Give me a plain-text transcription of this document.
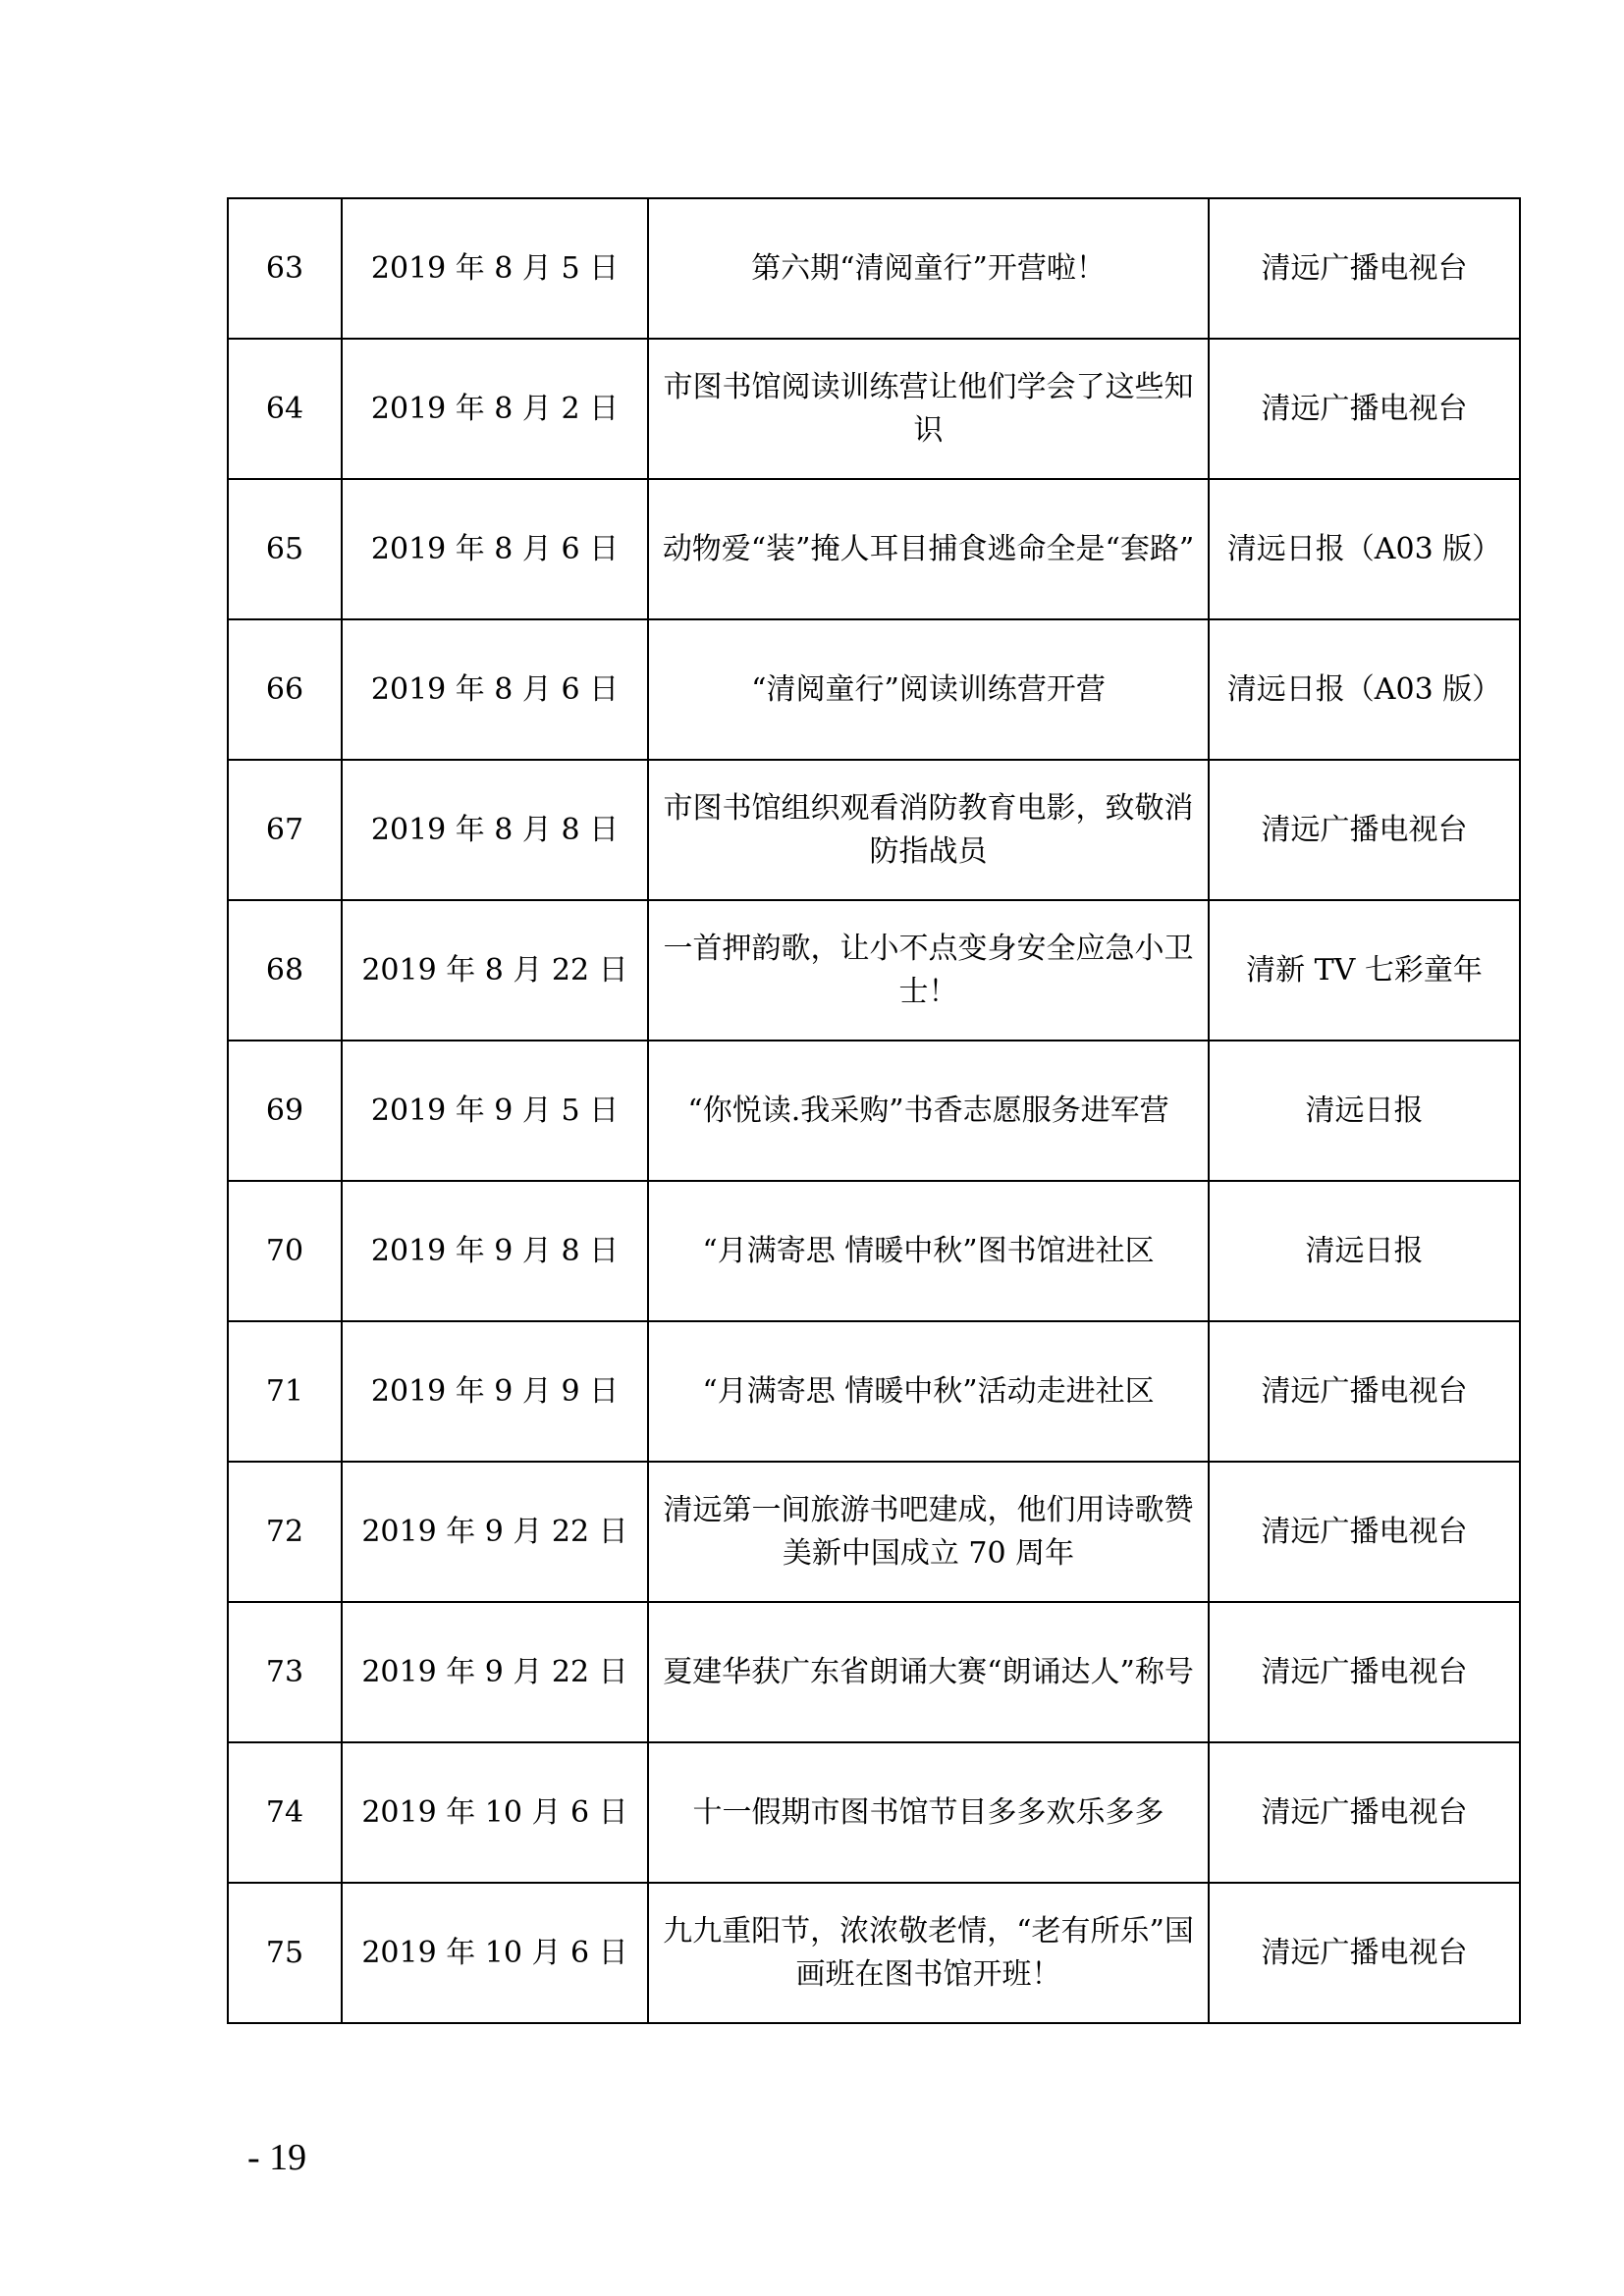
63	2019 年 8 月 5 日	第六期“清阅童行”开营啦！	清远广播电视台
64	2019 年 8 月 2 日	市图书馆阅读训练营让他们学会了这些知识	清远广播电视台
65	2019 年 8 月 6 日	动物爱“装”掩人耳目捕食逃命全是“套路”	清远日报（A03 版）
66	2019 年 8 月 6 日	“清阅童行”阅读训练营开营	清远日报（A03 版）
67	2019 年 8 月 8 日	市图书馆组织观看消防教育电影，致敬消防指战员	清远广播电视台
68	2019 年 8 月 22 日	一首押韵歌，让小不点变身安全应急小卫士！	清新 TV 七彩童年
69	2019 年 9 月 5 日	“你悦读.我采购”书香志愿服务进军营	清远日报
70	2019 年 9 月 8 日	“月满寄思 情暖中秋”图书馆进社区	清远日报
71	2019 年 9 月 9 日	“月满寄思 情暖中秋”活动走进社区	清远广播电视台
72	2019 年 9 月 22 日	清远第一间旅游书吧建成，他们用诗歌赞美新中国成立 70 周年	清远广播电视台
73	2019 年 9 月 22 日	夏建华获广东省朗诵大赛“朗诵达人”称号	清远广播电视台
74	2019 年 10 月 6 日	十一假期市图书馆节目多多欢乐多多	清远广播电视台
75	2019 年 10 月 6 日	九九重阳节，浓浓敬老情，“老有所乐”国画班在图书馆开班！	清远广播电视台
- 19
